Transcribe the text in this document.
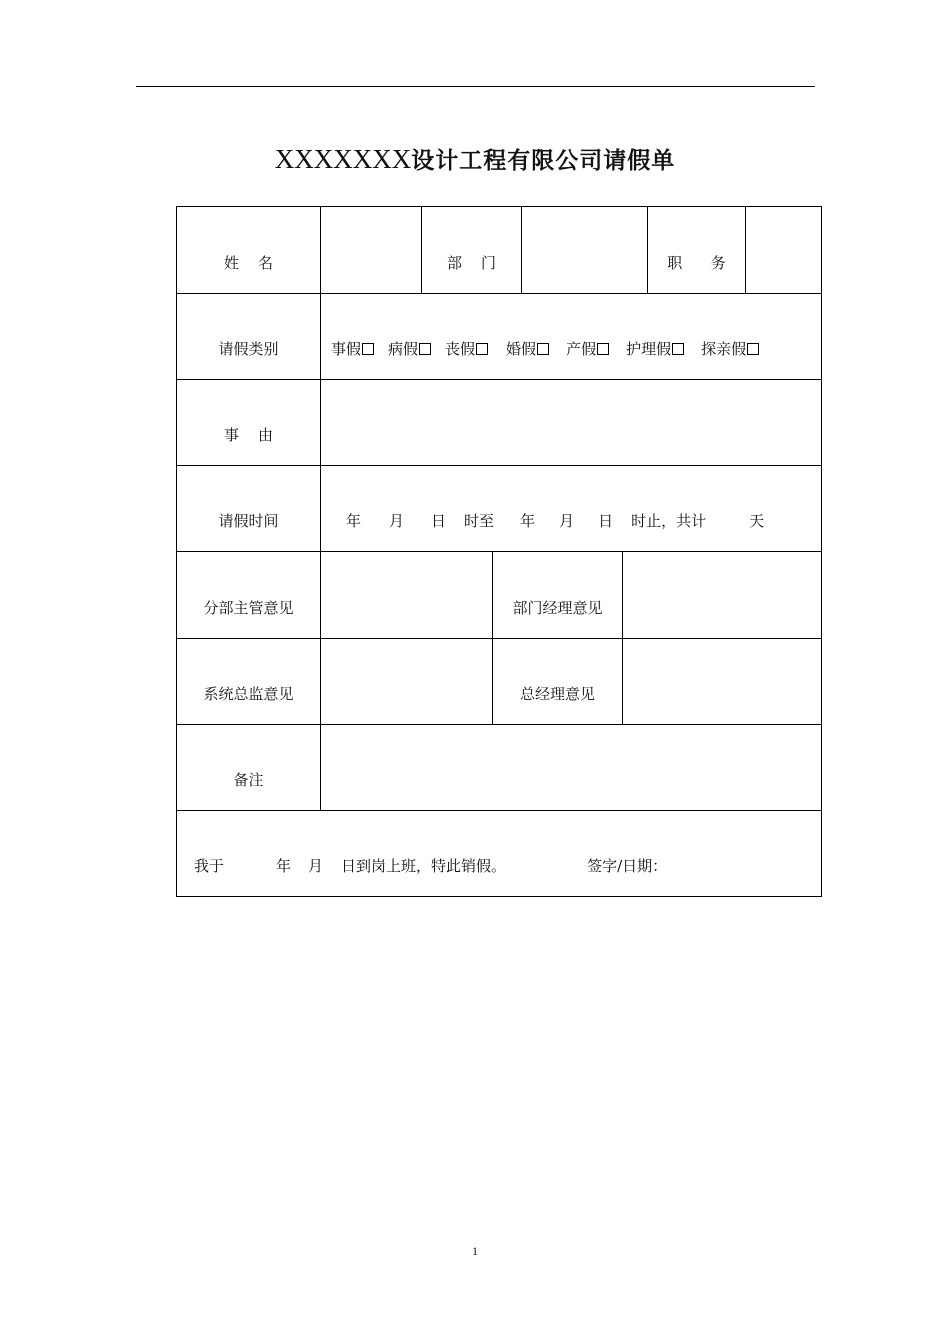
XXXXXXX设计工程有限公司请假单
姓    名	部    门	职      务
请假类别	事假	病假	丧假	婚假	产假	护理假	探亲假
事    由
请假时间	年 月 日 时至 年 月 日 时止，共计	天
分部主管意见	部门经理意见
系统总监意见	总经理意见
备注
我于	年 月 日到岗上班，特此销假。	签字/日期：
1
